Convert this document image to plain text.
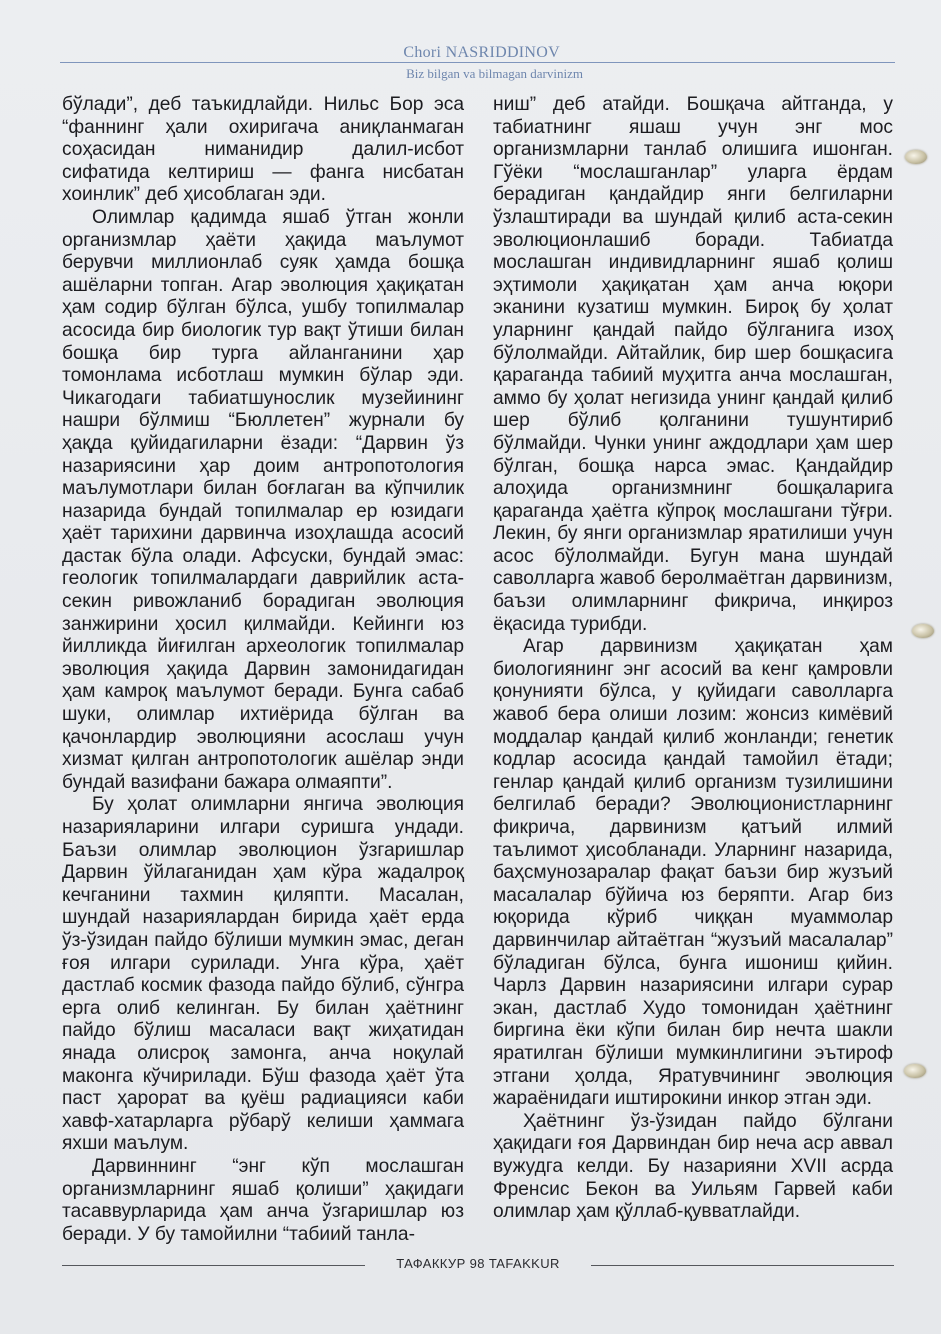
Chori NASRIDDINOV
Biz bilgan va bilmagan darvinizm

бўлади”, деб таъкидлайди. Нильс Бор эса “фаннинг ҳали охиригача аниқланмаган соҳасидан ниманидир далил-исбот сифатида келтириш — фанга нисбатан хоинлик” деб ҳисоблаган эди.

Олимлар қадимда яшаб ўтган жонли организмлар ҳаёти ҳақида маълумот берувчи миллионлаб суяк ҳамда бошқа ашёларни топган. Агар эволюция ҳақиқатан ҳам содир бўлган бўлса, ушбу топилмалар асосида бир биологик тур вақт ўтиши билан бошқа бир турга айланганини ҳар томонлама исботлаш мумкин бўлар эди. Чикагодаги табиатшунослик музейининг нашри бўлмиш “Бюллетен” журнали бу ҳақда қуйидагиларни ёзади: “Дарвин ўз назариясини ҳар доим антропотология маълумотлари билан боғлаган ва кўпчилик назарида бундай топилмалар ер юзидаги ҳаёт тарихини дарвинча изоҳлашда асосий дастак бўла олади. Афсуски, бундай эмас: геологик топилмалардаги даврийлик аста-секин ривожланиб борадиган эволюция занжирини ҳосил қилмайди. Кейинги юз йилликда йиғилган археологик топилмалар эволюция ҳақида Дарвин замонидагидан ҳам камроқ маълумот беради. Бунга сабаб шуки, олимлар ихтиёрида бўлган ва қачонлардир эволюцияни асослаш учун хизмат қилган антропотологик ашёлар энди бундай вазифани бажара олмаяпти”.

Бу ҳолат олимларни янгича эволюция назарияларини илгари суришга ундади. Баъзи олимлар эволюцион ўзгаришлар Дарвин ўйлаганидан ҳам кўра жадалроқ кечганини тахмин қиляпти. Масалан, шундай назариялардан бирида ҳаёт ерда ўз-ўзидан пайдо бўлиши мумкин эмас, деган ғоя илгари сурилади. Унга кўра, ҳаёт дастлаб космик фазода пайдо бўлиб, сўнгра ерга олиб келинган. Бу билан ҳаётнинг пайдо бўлиш масаласи вақт жиҳатидан янада олисроқ замонга, анча ноқулай маконга кўчирилади. Бўш фазода ҳаёт ўта паст ҳарорат ва қуёш радиацияси каби хавф-хатарларга рўбарў келиши ҳаммага яхши маълум.

Дарвиннинг “энг кўп мослашган организмларнинг яшаб қолиши” ҳақидаги тасаввурларида ҳам анча ўзгаришлар юз беради. У бу тамойилни “табиий танла-

ниш” деб атайди. Бошқача айтганда, у табиатнинг яшаш учун энг мос организмларни танлаб олишига ишонган. Гўёки “мослашганлар” уларга ёрдам берадиган қандайдир янги белгиларни ўзлаштиради ва шундай қилиб аста-секин эволюционлашиб боради. Табиатда мослашган индивидларнинг яшаб қолиш эҳтимоли ҳақиқатан ҳам анча юқори эканини кузатиш мумкин. Бироқ бу ҳолат уларнинг қандай пайдо бўлганига изоҳ бўлолмайди. Айтайлик, бир шер бошқасига қараганда табиий муҳитга анча мослашган, аммо бу ҳолат негизида унинг қандай қилиб шер бўлиб қолганини тушунтириб бўлмайди. Чунки унинг аждодлари ҳам шер бўлган, бошқа нарса эмас. Қандайдир алоҳида организмнинг бошқаларига қараганда ҳаётга кўпроқ мослашгани тўғри. Лекин, бу янги организмлар яратилиши учун асос бўлолмайди. Бугун мана шундай саволларга жавоб беролмаётган дарвинизм, баъзи олимларнинг фикрича, инқироз ёқасида турибди.

Агар дарвинизм ҳақиқатан ҳам биологиянинг энг асосий ва кенг қамровли қонунияти бўлса, у қуйидаги саволларга жавоб бера олиши лозим: жонсиз кимёвий моддалар қандай қилиб жонланди; генетик кодлар асосида қандай тамойил ётади; генлар қандай қилиб организм тузилишини белгилаб беради? Эволюционистларнинг фикрича, дарвинизм қатъий илмий таълимот ҳисобланади. Уларнинг назарида, баҳсмунозаралар фақат баъзи бир жузъий масалалар бўйича юз беряпти. Агар биз юқорида кўриб чиққан муаммолар дарвинчилар айтаётган “жузъий масалалар” бўладиган бўлса, бунга ишониш қийин. Чарлз Дарвин назариясини илгари сурар экан, дастлаб Худо томонидан ҳаётнинг биргина ёки кўпи билан бир нечта шакли яратилган бўлиши мумкинлигини эътироф этгани ҳолда, Яратувчининг эволюция жараёнидаги иштирокини инкор этган эди.

Ҳаётнинг ўз-ўзидан пайдо бўлгани ҳақидаги ғоя Дарвиндан бир неча аср аввал вужудга келди. Бу назарияни XVII асрда Френсис Бекон ва Уильям Гарвей каби олимлар ҳам қўллаб-қувватлайди.

ТАФАККУР 98 TAFAKKUR
